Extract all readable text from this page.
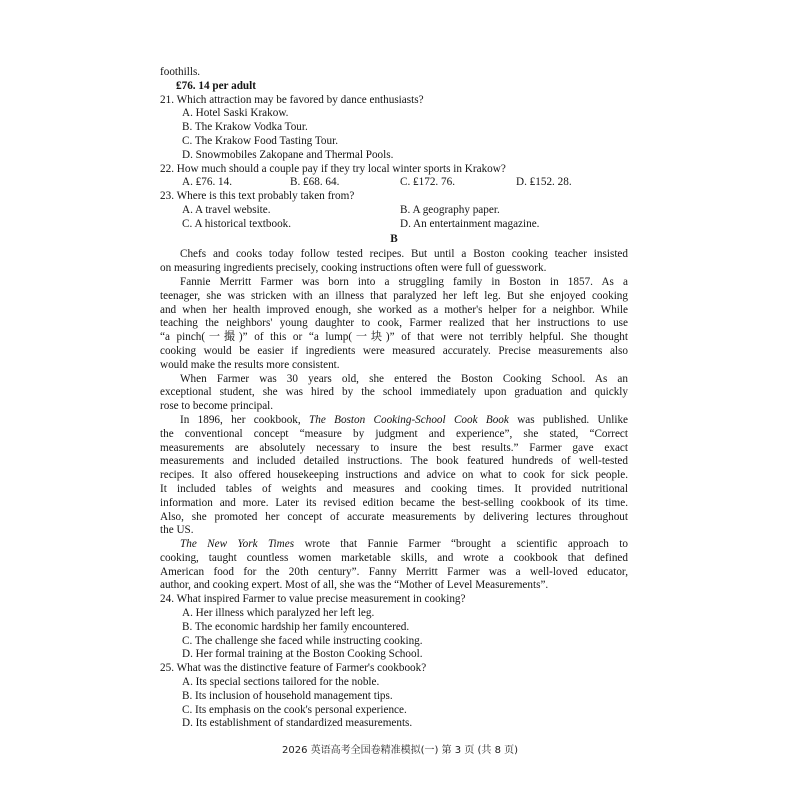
foothills.
₤76. 14 per adult
21. Which attraction may be favored by dance enthusiasts?
A. Hotel Saski Krakow.
B. The Krakow Vodka Tour.
C. The Krakow Food Tasting Tour.
D. Snowmobiles Zakopane and Thermal Pools.
22. How much should a couple pay if they try local winter sports in Krakow?
A. ₤76. 14.	B. ₤68. 64.	C. ₤172. 76.	D. ₤152. 28.
23. Where is this text probably taken from?
A. A travel website.	B. A geography paper.
C. A historical textbook.	D. An entertainment magazine.
B
Chefs and cooks today follow tested recipes. But until a Boston cooking teacher insisted
on measuring ingredients precisely, cooking instructions often were full of guesswork.
Fannie Merritt Farmer was born into a struggling family in Boston in 1857. As a
teenager, she was stricken with an illness that paralyzed her left leg. But she enjoyed cooking
and when her health improved enough, she worked as a mother's helper for a neighbor. While
teaching the neighbors' young daughter to cook, Farmer realized that her instructions to use
“a pinch(一撮)” of this or “a lump(一块)” of that were not terribly helpful. She thought
cooking would be easier if ingredients were measured accurately. Precise measurements also
would make the results more consistent.
When Farmer was 30 years old, she entered the Boston Cooking School. As an
exceptional student, she was hired by the school immediately upon graduation and quickly
rose to become principal.
In 1896, her cookbook, The Boston Cooking-School Cook Book was published. Unlike
the conventional concept “measure by judgment and experience”, she stated, “Correct
measurements are absolutely necessary to insure the best results.” Farmer gave exact
measurements and included detailed instructions. The book featured hundreds of well-tested
recipes. It also offered housekeeping instructions and advice on what to cook for sick people.
It included tables of weights and measures and cooking times. It provided nutritional
information and more. Later its revised edition became the best-selling cookbook of its time.
Also, she promoted her concept of accurate measurements by delivering lectures throughout
the US.
The New York Times wrote that Fannie Farmer “brought a scientific approach to
cooking, taught countless women marketable skills, and wrote a cookbook that defined
American food for the 20th century”. Fanny Merritt Farmer was a well-loved educator,
author, and cooking expert. Most of all, she was the “Mother of Level Measurements”.
24. What inspired Farmer to value precise measurement in cooking?
A. Her illness which paralyzed her left leg.
B. The economic hardship her family encountered.
C. The challenge she faced while instructing cooking.
D. Her formal training at the Boston Cooking School.
25. What was the distinctive feature of Farmer's cookbook?
A. Its special sections tailored for the noble.
B. Its inclusion of household management tips.
C. Its emphasis on the cook's personal experience.
D. Its establishment of standardized measurements.
2026 英语高考全国卷精准模拟(一) 第 3 页 (共 8 页)
